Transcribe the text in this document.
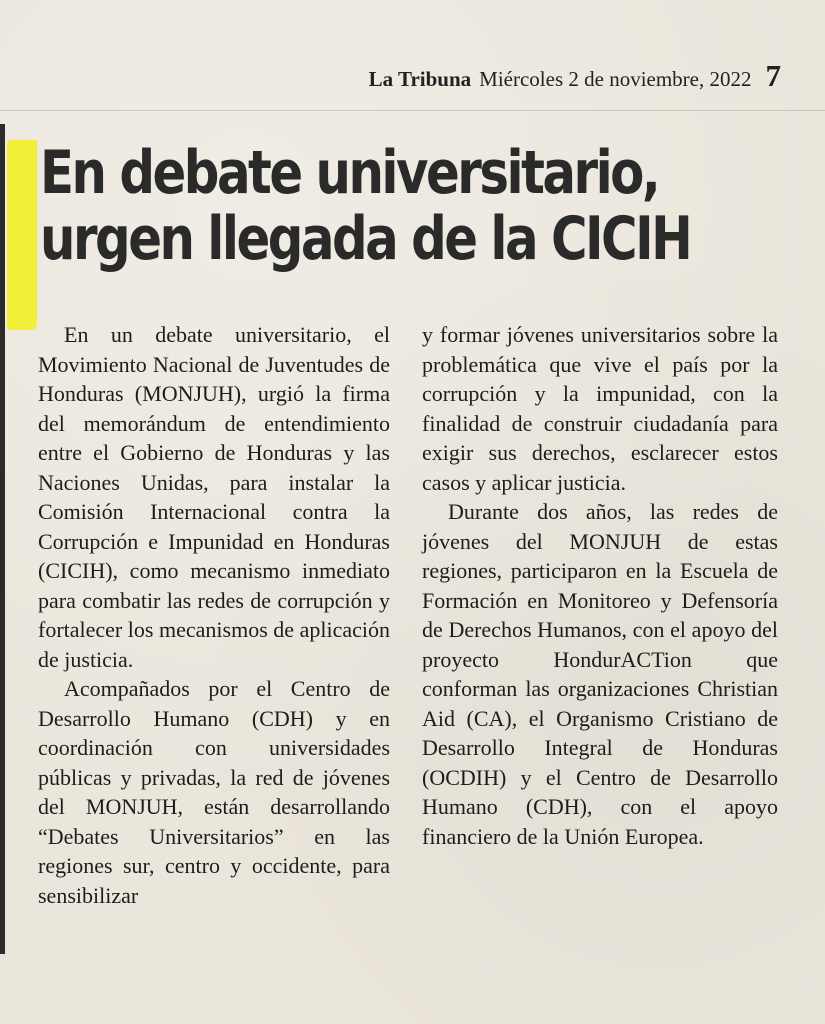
La Tribuna Miércoles 2 de noviembre, 2022 7
En debate universitario,
urgen llegada de la CICIH

En un debate universitario, el Movimiento Nacional de Juventudes de Honduras (MONJUH), urgió la firma del memorándum de entendimiento entre el Gobierno de Honduras y las Naciones Unidas, para instalar la Comisión Internacional contra la Corrupción e Impunidad en Honduras (CICIH), como mecanismo inmediato para combatir las redes de corrupción y fortalecer los mecanismos de aplicación de justicia.

Acompañados por el Centro de Desarrollo Humano (CDH) y en coordinación con universidades públicas y privadas, la red de jóvenes del MONJUH, están desarrollando “Debates Universitarios” en las regiones sur, centro y occidente, para sensibilizar

y formar jóvenes universitarios sobre la problemática que vive el país por la corrupción y la impunidad, con la finalidad de construir ciudadanía para exigir sus derechos, esclarecer estos casos y aplicar justicia.

Durante dos años, las redes de jóvenes del MONJUH de estas regiones, participaron en la Escuela de Formación en Monitoreo y Defensoría de Derechos Humanos, con el apoyo del proyecto HondurACTion que conforman las organizaciones Christian Aid (CA), el Organismo Cristiano de Desarrollo Integral de Honduras (OCDIH) y el Centro de Desarrollo Humano (CDH), con el apoyo financiero de la Unión Europea.
